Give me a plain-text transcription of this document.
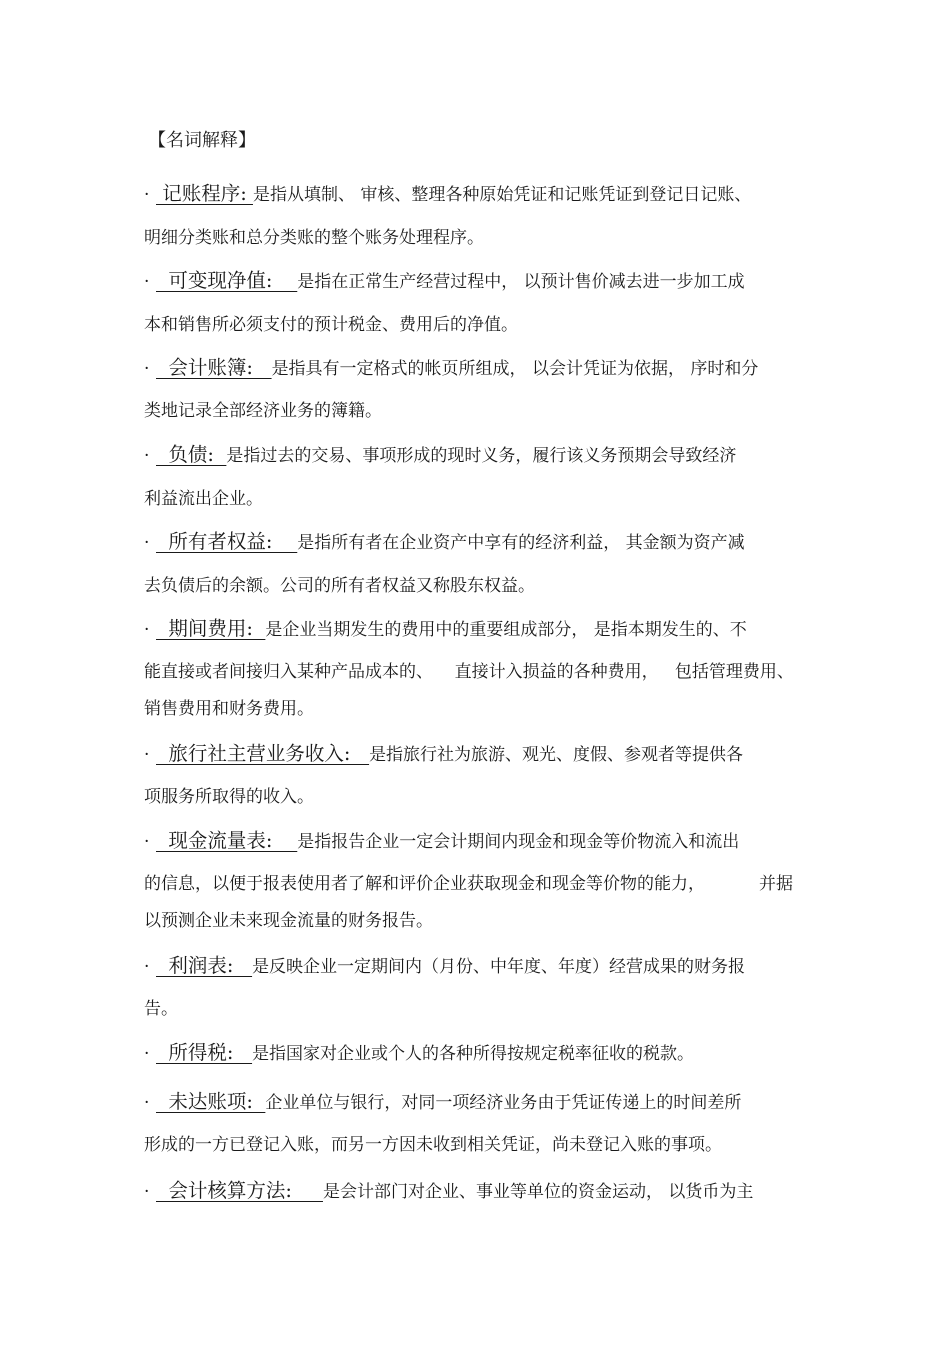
【名词解释】
· 记账程序: 是指从填制、 审核、整理各种原始凭证和记账凭证到登记日记账、
明细分类账和总分类账的整个账务处理程序。
·  可变现净值:    是指在正常生产经营过程中， 以预计售价减去进一步加工成
本和销售所必须支付的预计税金、费用后的净值。
·  会计账簿:   是指具有一定格式的帐页所组成， 以会计凭证为依据， 序时和分
类地记录全部经济业务的簿籍。
·  负债:  是指过去的交易、事项形成的现时义务，履行该义务预期会导致经济
利益流出企业。
·  所有者权益:    是指所有者在企业资产中享有的经济利益， 其金额为资产减
去负债后的余额。公司的所有者权益又称股东权益。
·  期间费用:  是企业当期发生的费用中的重要组成部分， 是指本期发生的、不
能直接或者间接归入某种产品成本的、    直接计入损益的各种费用，   包括管理费用、
销售费用和财务费用。
·  旅行社主营业务收入:   是指旅行社为旅游、观光、度假、参观者等提供各
项服务所取得的收入。
·  现金流量表:    是指报告企业一定会计期间内现金和现金等价物流入和流出
的信息，以便于报表使用者了解和评价企业获取现金和现金等价物的能力，          并据
以预测企业未来现金流量的财务报告。
·  利润表:   是反映企业一定期间内（月份、中年度、年度）经营成果的财务报
告。
·  所得税:   是指国家对企业或个人的各种所得按规定税率征收的税款。
·  未达账项:  企业单位与银行，对同一项经济业务由于凭证传递上的时间差所
形成的一方已登记入账，而另一方因未收到相关凭证，尚未登记入账的事项。
·  会计核算方法:     是会计部门对企业、事业等单位的资金运动， 以货币为主
